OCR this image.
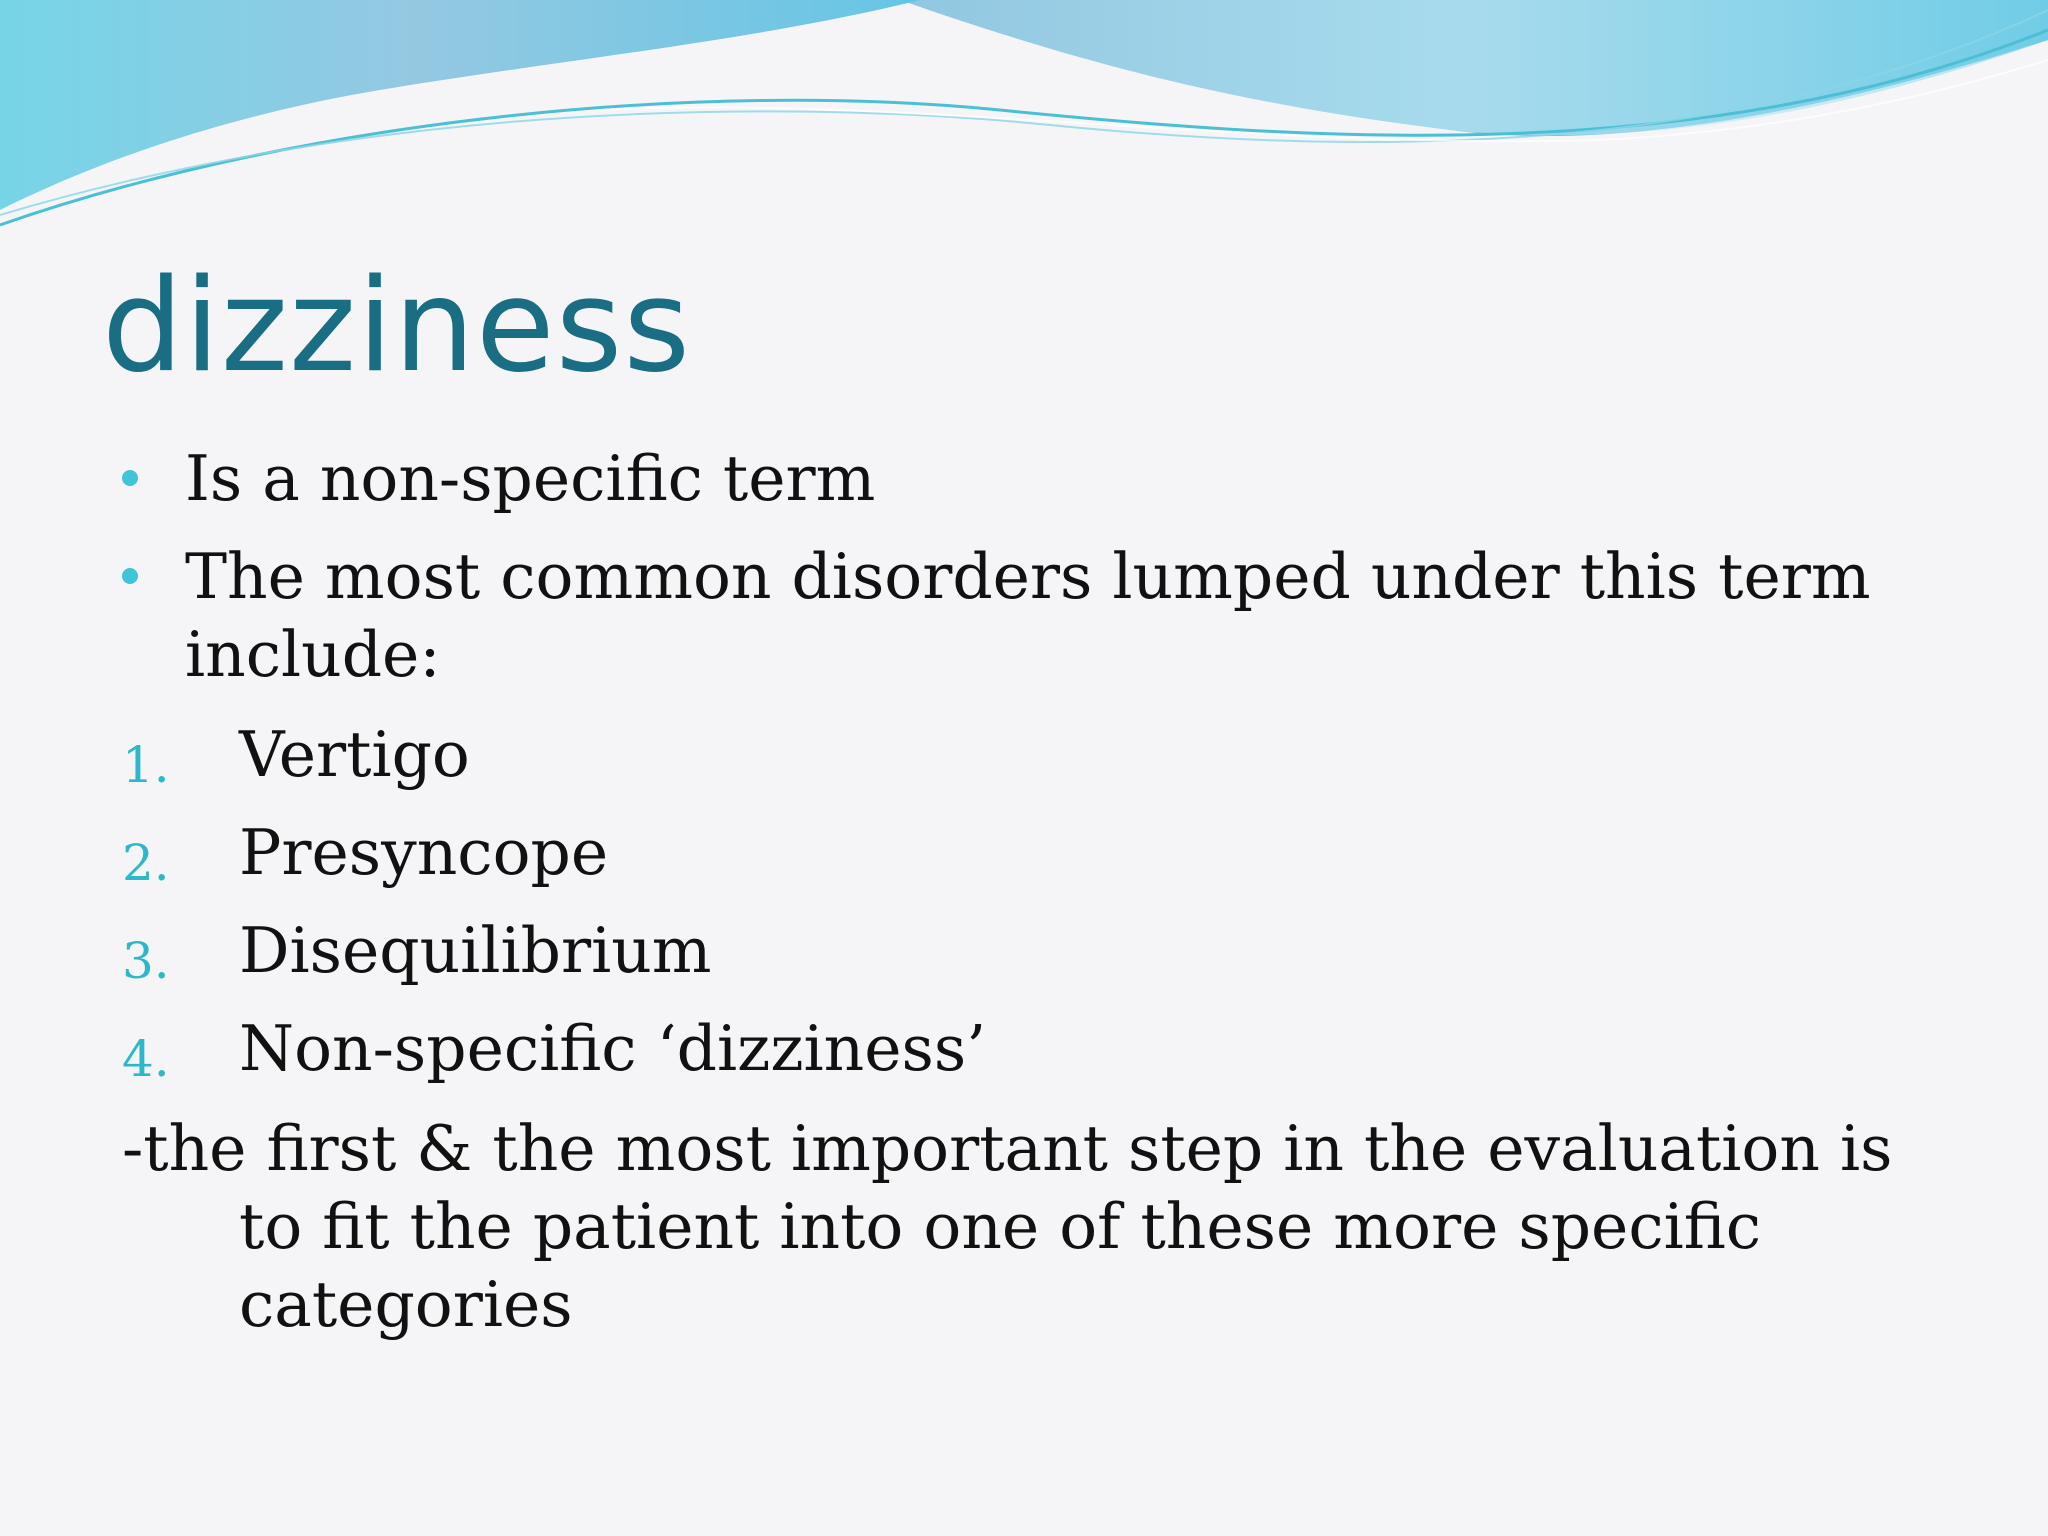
dizziness
Is a non-specific term
The most common disorders lumped under this term
include:
1. Vertigo
2. Presyncope
3. Disequilibrium
4. Non-specific ‘dizziness’
-the first & the most important step in the evaluation is
to fit the patient into one of these more specific
categories
